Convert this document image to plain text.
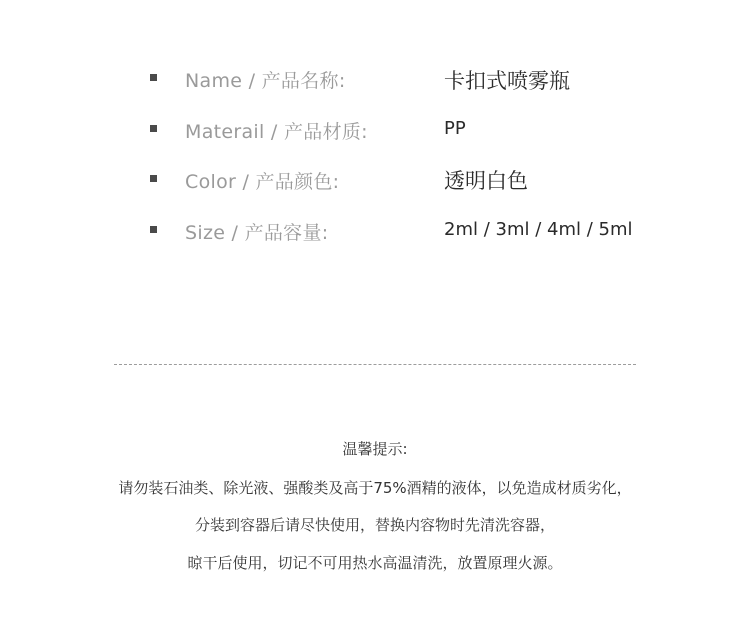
Name / 产品名称:	卡扣式喷雾瓶
Materail / 产品材质:	PP
Color / 产品颜色:	透明白色
Size / 产品容量:	2ml / 3ml / 4ml / 5ml
温馨提示:
请勿装石油类、除光液、强酸类及高于75%酒精的液体，以免造成材质劣化，
分装到容器后请尽快使用，替换内容物时先清洗容器，
晾干后使用，切记不可用热水高温清洗，放置原理火源。
